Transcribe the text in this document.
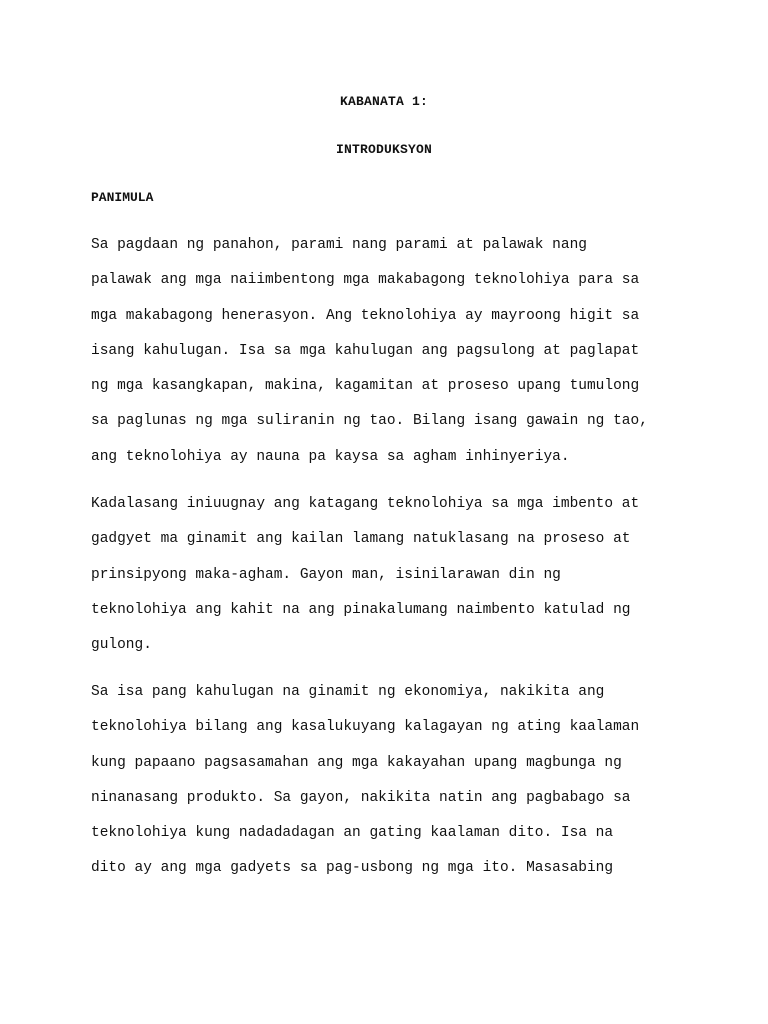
KABANATA 1:
INTRODUKSYON
PANIMULA
Sa pagdaan ng panahon, parami nang parami at palawak nang
palawak ang mga naiimbentong mga makabagong teknolohiya para sa
mga makabagong henerasyon. Ang teknolohiya ay mayroong higit sa
isang kahulugan. Isa sa mga kahulugan ang pagsulong at paglapat
ng mga kasangkapan, makina, kagamitan at proseso upang tumulong
sa paglunas ng mga suliranin ng tao. Bilang isang gawain ng tao,
ang teknolohiya ay nauna pa kaysa sa agham inhinyeriya.
Kadalasang iniuugnay ang katagang teknolohiya sa mga imbento at
gadgyet ma ginamit ang kailan lamang natuklasang na proseso at
prinsipyong maka-agham. Gayon man, isinilarawan din ng
teknolohiya ang kahit na ang pinakalumang naimbento katulad ng
gulong.
Sa isa pang kahulugan na ginamit ng ekonomiya, nakikita ang
teknolohiya bilang ang kasalukuyang kalagayan ng ating kaalaman
kung papaano pagsasamahan ang mga kakayahan upang magbunga ng
ninanasang produkto. Sa gayon, nakikita natin ang pagbabago sa
teknolohiya kung nadadadagan an gating kaalaman dito. Isa na
dito ay ang mga gadyets sa pag-usbong ng mga ito. Masasabing
